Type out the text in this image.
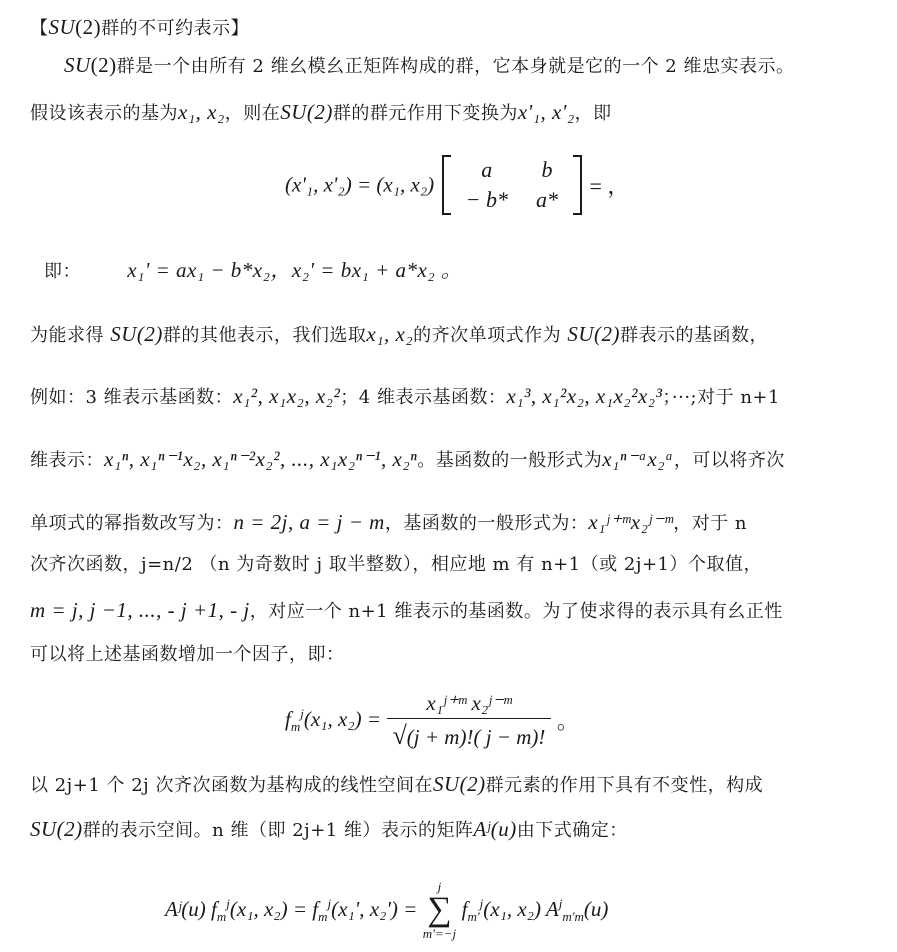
【SU(2)群的不可约表示】
SU(2)群是一个由所有 2 维幺模幺正矩阵构成的群，它本身就是它的一个 2 维忠实表示。
假设该表示的基为x₁, x₂，则在SU(2)群的群元作用下变换为x'₁, x'₂，即
(x'₁, x'₂) = (x₁, x₂)
a	b
− b*	a*
= ，
即： x₁' = ax₁ − b*x₂，x₂' = bx₁ + a*x₂ 。
为能求得 SU(2)群的其他表示，我们选取x₁, x₂的齐次单项式作为 SU(2)群表示的基函数，
例如：3 维表示基函数：x₁², x₁x₂, x₂²；4 维表示基函数：x₁³, x₁²x₂, x₁x₂²x₂³；···;对于 n+1
维表示：x₁ⁿ, x₁ⁿ⁻¹x₂, x₁ⁿ⁻²x₂², ..., x₁x₂ⁿ⁻¹, x₂ⁿ。基函数的一般形式为x₁ⁿ⁻ᵃx₂ᵃ，可以将齐次
单项式的幂指数改写为：n = 2j, a = j − m，基函数的一般形式为：x₁ʲ⁺ᵐx₂ʲ⁻ᵐ，对于 n
次齐次函数，j=n/2 （n 为奇数时 j 取半整数），相应地 m 有 n+1（或 2j+1）个取值，
m = j, j −1, ..., - j +1, - j，对应一个 n+1 维表示的基函数。为了使求得的表示具有幺正性
可以将上述基函数增加一个因子，即：
$f_m^j(x_1$, $x_2) = \frac{\text{x₁ʲ⁺ᵐ x₂ʲ⁻ᵐ}}{√(j + m)!( j - m)!}$ 。
以 2j+1 个 2j 次齐次函数为基构成的线性空间在SU(2)群元素的作用下具有不变性，构成
SU(2)群的表示空间。n 维（即 2j+1 维）表示的矩阵Aʲ(u)由下式确定：
Aʲ(u) $f_m^j(x_1$, $x_2) = f_m^j(x_1'$, x₂') =
j
∑
m'=−j
$f_{m'}^j(x_1$, x₂) $A^j_{m'm}(u)$
